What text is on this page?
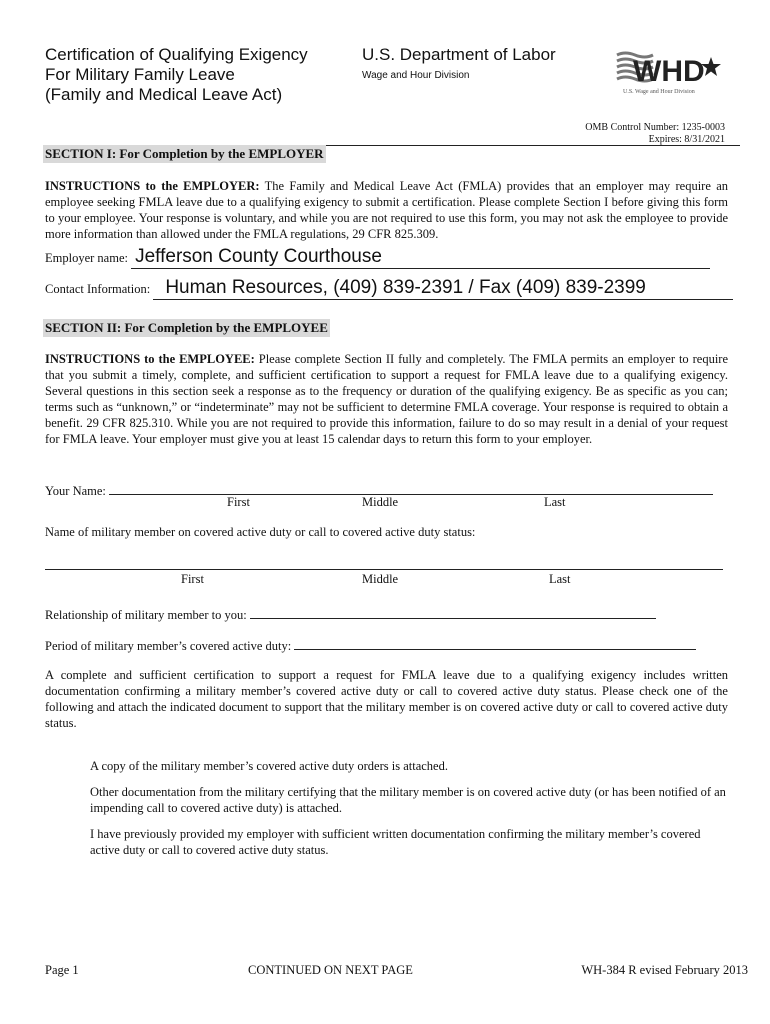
Certification of Qualifying Exigency
For Military Family Leave
(Family and Medical Leave Act)
U.S. Department of Labor
Wage and Hour Division	WHD
U.S. Wage and Hour Division
OMB Control Number: 1235-0003
Expires: 8/31/2021
SECTION I: For Completion by the EMPLOYER
INSTRUCTIONS to the EMPLOYER: The Family and Medical Leave Act (FMLA) provides that an employer may require an employee seeking FMLA leave due to a qualifying exigency to submit a certification. Please complete Section I before giving this form to your employee. Your response is voluntary, and while you are not required to use this form, you may not ask the employee to provide more information than allowed under the FMLA regulations, 29 CFR 825.309.
Employer name: Jefferson County Courthouse
Contact Information: Human Resources, (409) 839-2391 / Fax (409) 839-2399
SECTION II: For Completion by the EMPLOYEE
INSTRUCTIONS to the EMPLOYEE: Please complete Section II fully and completely. The FMLA permits an employer to require that you submit a timely, complete, and sufficient certification to support a request for FMLA leave due to a qualifying exigency. Several questions in this section seek a response as to the frequency or duration of the qualifying exigency. Be as specific as you can; terms such as “unknown,” or “indeterminate” may not be sufficient to determine FMLA coverage. Your response is required to obtain a benefit. 29 CFR 825.310. While you are not required to provide this information, failure to do so may result in a denial of your request for FMLA leave. Your employer must give you at least 15 calendar days to return this form to your employer.
Your Name:
First	Middle	Last
Name of military member on covered active duty or call to covered active duty status:
First	Middle	Last
Relationship of military member to you:
Period of military member’s covered active duty:
A complete and sufficient certification to support a request for FMLA leave due to a qualifying exigency includes written documentation confirming a military member’s covered active duty or call to covered active duty status. Please check one of the following and attach the indicated document to support that the military member is on covered active duty or call to covered active duty status.
A copy of the military member’s covered active duty orders is attached.
Other documentation from the military certifying that the military member is on covered active duty (or has been notified of an impending call to covered active duty) is attached.
I have previously provided my employer with sufficient written documentation confirming the military member’s covered active duty or call to covered active duty status.
Page 1	CONTINUED ON NEXT PAGE	WH-384 R evised February 2013
